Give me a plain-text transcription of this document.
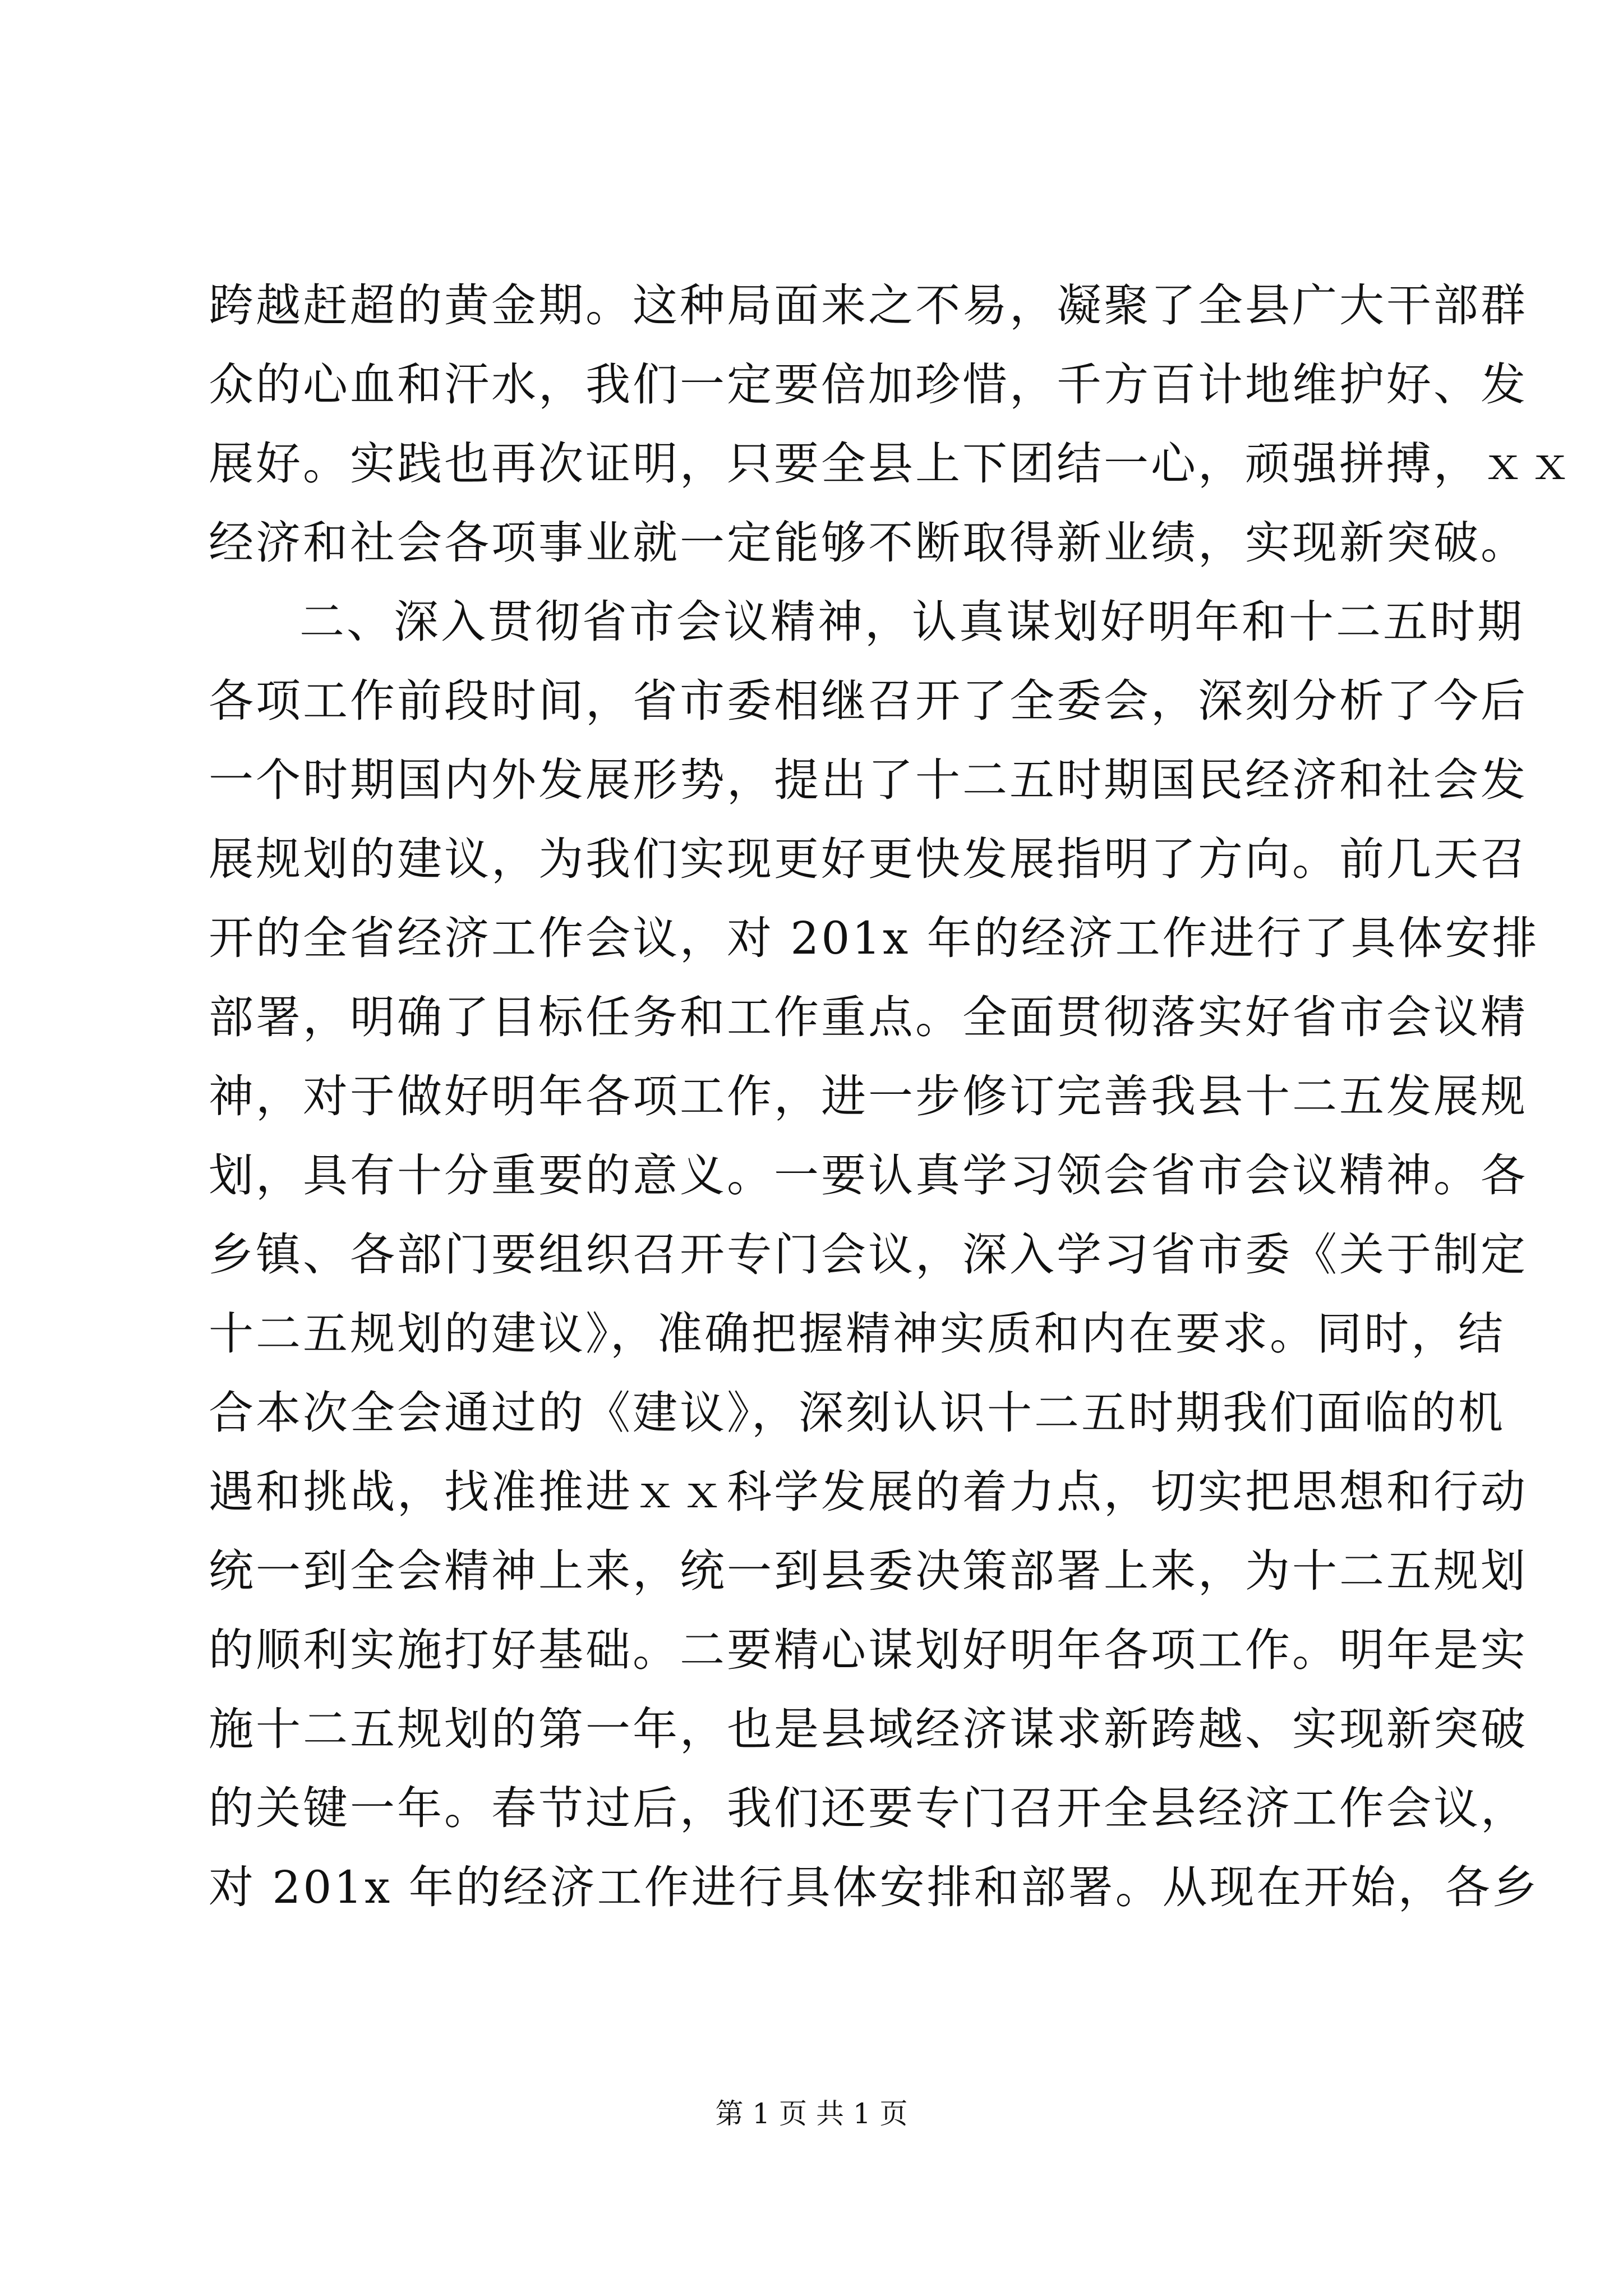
跨越赶超的黄金期。这种局面来之不易，凝聚了全县广大干部群
众的心血和汗水，我们一定要倍加珍惜，千方百计地维护好、发
展好。实践也再次证明，只要全县上下团结一心，顽强拼搏，ｘｘ
经济和社会各项事业就一定能够不断取得新业绩，实现新突破。
二、深入贯彻省市会议精神，认真谋划好明年和十二五时期
各项工作前段时间，省市委相继召开了全委会，深刻分析了今后
一个时期国内外发展形势，提出了十二五时期国民经济和社会发
展规划的建议，为我们实现更好更快发展指明了方向。前几天召
开的全省经济工作会议，对 201x 年的经济工作进行了具体安排
部署，明确了目标任务和工作重点。全面贯彻落实好省市会议精
神，对于做好明年各项工作，进一步修订完善我县十二五发展规
划，具有十分重要的意义。一要认真学习领会省市会议精神。各
乡镇、各部门要组织召开专门会议，深入学习省市委《关于制定
十二五规划的建议》，准确把握精神实质和内在要求。同时，结
合本次全会通过的《建议》，深刻认识十二五时期我们面临的机
遇和挑战，找准推进ｘｘ科学发展的着力点，切实把思想和行动
统一到全会精神上来，统一到县委决策部署上来，为十二五规划
的顺利实施打好基础。二要精心谋划好明年各项工作。明年是实
施十二五规划的第一年，也是县域经济谋求新跨越、实现新突破
的关键一年。春节过后，我们还要专门召开全县经济工作会议，
对 201x 年的经济工作进行具体安排和部署。从现在开始，各乡
第 1 页 共 1 页
